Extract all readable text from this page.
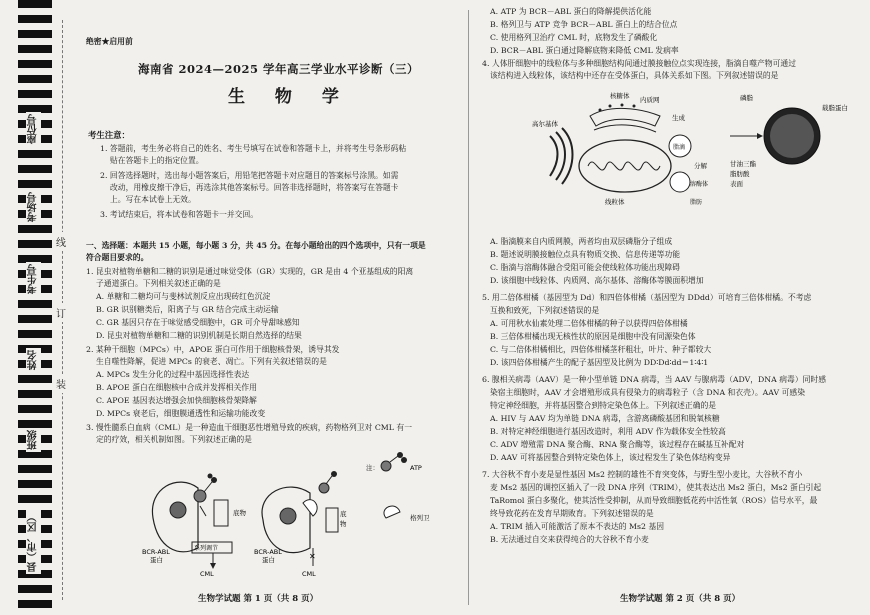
座位号
考场号
考生号
姓名
班级
县（市、区）
线
订
装
绝密★启用前
海南省 2024—2025 学年高三学业水平诊断（三）
生 物 学
考生注意：
1. 答题前，考生务必将自己的姓名、考生号填写在试卷和答题卡上，并将考生号条形码粘
贴在答题卡上的指定位置。
2. 回答选择题时，选出每小题答案后，用铅笔把答题卡对应题目的答案标号涂黑。如需
改动，用橡皮擦干净后，再选涂其他答案标号。回答非选择题时，将答案写在答题卡
上。写在本试卷上无效。
3. 考试结束后，将本试卷和答题卡一并交回。
一、选择题：本题共 15 小题，每小题 3 分，共 45 分。在每小题给出的四个选项中，只有一项是
符合题目要求的。
1. 昆虫对植物单糖和二糖的识别是通过味觉受体（GR）实现的，GR 是由 4 个亚基组成的阳离
子通道蛋白。下列相关叙述正确的是
A. 单糖和二糖均可与斐林试剂反应出现砖红色沉淀
B. GR 识别糖类后，阳离子与 GR 结合完成主动运输
C. GR 基因只存在于味觉感受细胞中，GR 可介导甜味感知
D. 昆虫对植物单糖和二糖的识别机制是长期自然选择的结果
2. 某种干细胞（MPCs）中，APOE 蛋白可作用于细胞核骨架，诱导其发
生自噬性降解，促进 MPCs 的衰老、凋亡。下列有关叙述错误的是
A. MPCs 发生分化的过程中基因选择性表达
B. APOE 蛋白在细胞核中合成并发挥相关作用
C. APOE 基因表达增强会加快细胞核骨架降解
D. MPCs 衰老后，细胞膜通透性和运输功能改变
3. 慢性髓系白血病（CML）是一种造血干细胞恶性增殖导致的疾病，药物格列卫对 CML 有一
定的疗效，相关机制如图。下列叙述正确的是
BCR-ABL
蛋白
底物
系列调节
CML
底
物
BCR-ABL
蛋白	✕
CML
注：	ATP
格列卫
生物学试题 第 1 页（共 8 页）
A. ATP 为 BCR－ABL 蛋白的降解提供活化能
B. 格列卫与 ATP 竞争 BCR－ABL 蛋白上的结合位点
C. 使用格列卫治疗 CML 时，底物发生了磷酸化
D. BCR－ABL 蛋白通过降解底物来降低 CML 发病率
4. 人体肝细胞中的线粒体与多种细胞结构间通过膜接触位点实现连接，脂滴自噬产物可通过
该结构进入线粒体，该结构中还存在受体蛋白，具体关系如下图。下列叙述错误的是
高尔基体
核糖体 内质网
线粒体
脂滴
溶酶体
脂肪
生成
分解
磷脂
载脂蛋白
甘油三酯
脂肪酸
表面
A. 脂滴膜来自内质网膜，两者均由双层磷脂分子组成
B. 题述说明膜接触位点具有物质交换、信息传递等功能
C. 脂滴与溶酶体融合受阻可能会使线粒体功能出现障碍
D. 该细胞中线粒体、内质网、高尔基体、溶酶体等膜面积增加
5. 用二倍体柑橘（基因型为 Dd）和四倍体柑橘（基因型为 DDdd）可培育三倍体柑橘。不考虑
互换和致死，下列叙述错误的是
A. 可用秋水仙素处理二倍体柑橘的种子以获得四倍体柑橘
B. 三倍体柑橘出现无核性状的原因是细胞中没有同源染色体
C. 与二倍体柑橘相比，四倍体柑橘茎秆粗壮，叶片、种子都较大
D. 该四倍体柑橘产生的配子基因型及比例为 DD∶Dd∶dd＝1∶4∶1
6. 腺相关病毒（AAV）是一种小型单链 DNA 病毒，当 AAV 与腺病毒（ADV，DNA 病毒）同时感
染宿主细胞时，AAV 才会增殖形成具有侵染力的病毒粒子（含 DNA 和衣壳）。AAV 可感染
特定神经细胞，并将基因整合到特定染色体上。下列叙述正确的是
A. HIV 与 AAV 均为单链 DNA 病毒，含游离磷酸基团和脱氧核糖
B. 对特定神经细胞进行基因改造时，利用 ADV 作为载体安全性较高
C. ADV 增殖需 DNA 聚合酶、RNA 聚合酶等，该过程存在碱基互补配对
D. AAV 可将基因整合到特定染色体上，该过程发生了染色体结构变异
7. 大谷秋不育小麦是显性基因 Ms2 控制的雄性不育突变体，与野生型小麦比，大谷秋不育小
麦 Ms2 基因的调控区插入了一段 DNA 序列（TRIM），使其表达出 Ms2 蛋白，Ms2 蛋白引起
TaRomol 蛋白多聚化，使其活性受抑制，从而导致细胞低花药中活性氧（ROS）信号水平，最
终导致花药在发育早期败育。下列叙述错误的是
A. TRIM 插入可能激活了原本不表达的 Ms2 基因
B. 无法通过自交来获得纯合的大谷秋不育小麦
生物学试题 第 2 页（共 8 页）
